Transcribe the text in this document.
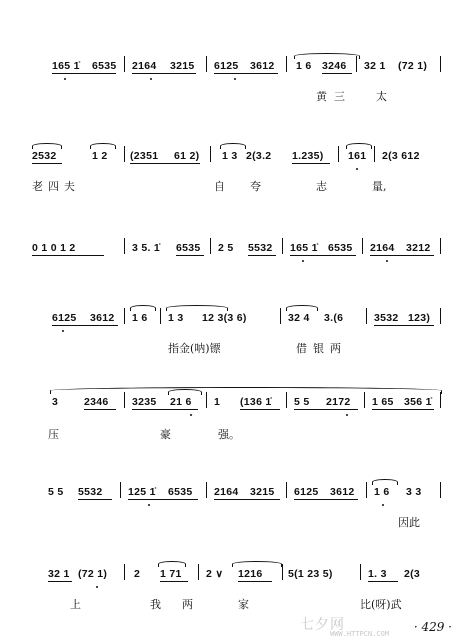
165 1̇ 6535 2164 3215 6125 3612 1 6 3246 32 1 (72 1)
黄 三	太
2532	1 2 (2351 61 2) 1 3 2(3.2 1.235) 161 2(3 612
老 四 夫	自 夸	志	量,
0 1 0 1 2	3 5. 1̇ 6535 2 5 5532 165 1̇ 6535 2164 3212
6125 3612 1 6 1 3 12 3(3 6)	32 4 3.(6	3532 123)
指金(呐)镖	借银两
3 2346 3235 21 6 1 (136 1̇ 5 5 2172 1 65 356 1̇
压	豪	强。
5 5 5532 125 1̇ 6535 2164 3215 6125 3612 1 6 3 3
因此
32 1 (72 1)	2 1 71 2 ∨ 1216 5(1 23 5)	1. 3 2(3
上	我 两	家	比(呀)武
七夕网
WWW.HTTPCN.COM · 429 ·
